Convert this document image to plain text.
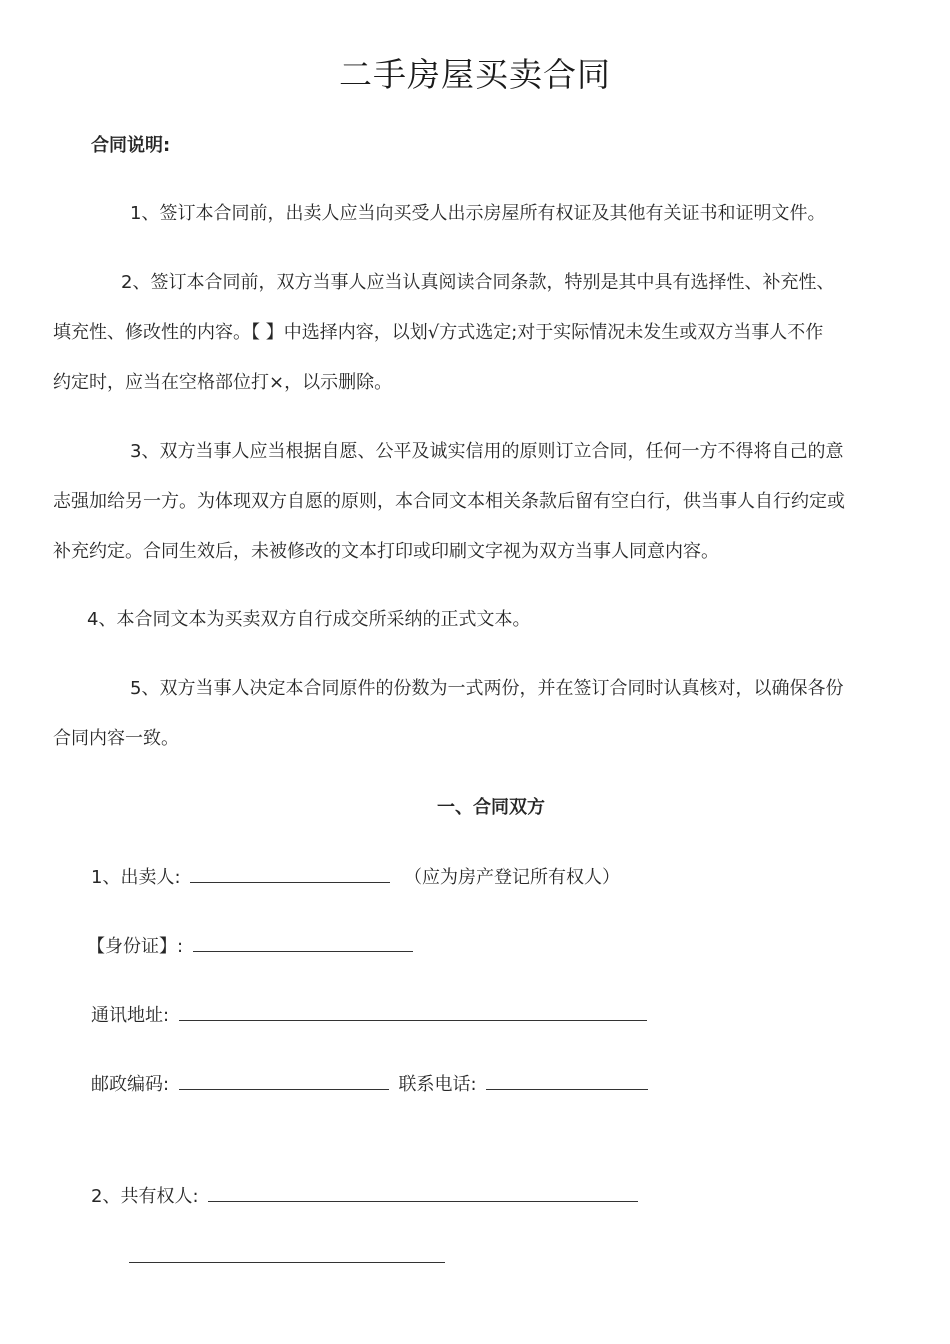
二手房屋买卖合同
合同说明:
1、签订本合同前，出卖人应当向买受人出示房屋所有权证及其他有关证书和证明文件。
2、签订本合同前，双方当事人应当认真阅读合同条款，特别是其中具有选择性、补充性、
填充性、修改性的内容。【 】中选择内容，以划√方式选定;对于实际情况未发生或双方当事人不作
约定时，应当在空格部位打×，以示删除。
3、双方当事人应当根据自愿、公平及诚实信用的原则订立合同，任何一方不得将自己的意
志强加给另一方。为体现双方自愿的原则，本合同文本相关条款后留有空白行，供当事人自行约定或
补充约定。合同生效后，未被修改的文本打印或印刷文字视为双方当事人同意内容。
4、本合同文本为买卖双方自行成交所采纳的正式文本。
5、双方当事人决定本合同原件的份数为一式两份，并在签订合同时认真核对，以确保各份
合同内容一致。
一、合同双方
1、出卖人:	（应为房产登记所有权人）
【身份证】:
通讯地址:
邮政编码:	联系电话:
2、共有权人:
